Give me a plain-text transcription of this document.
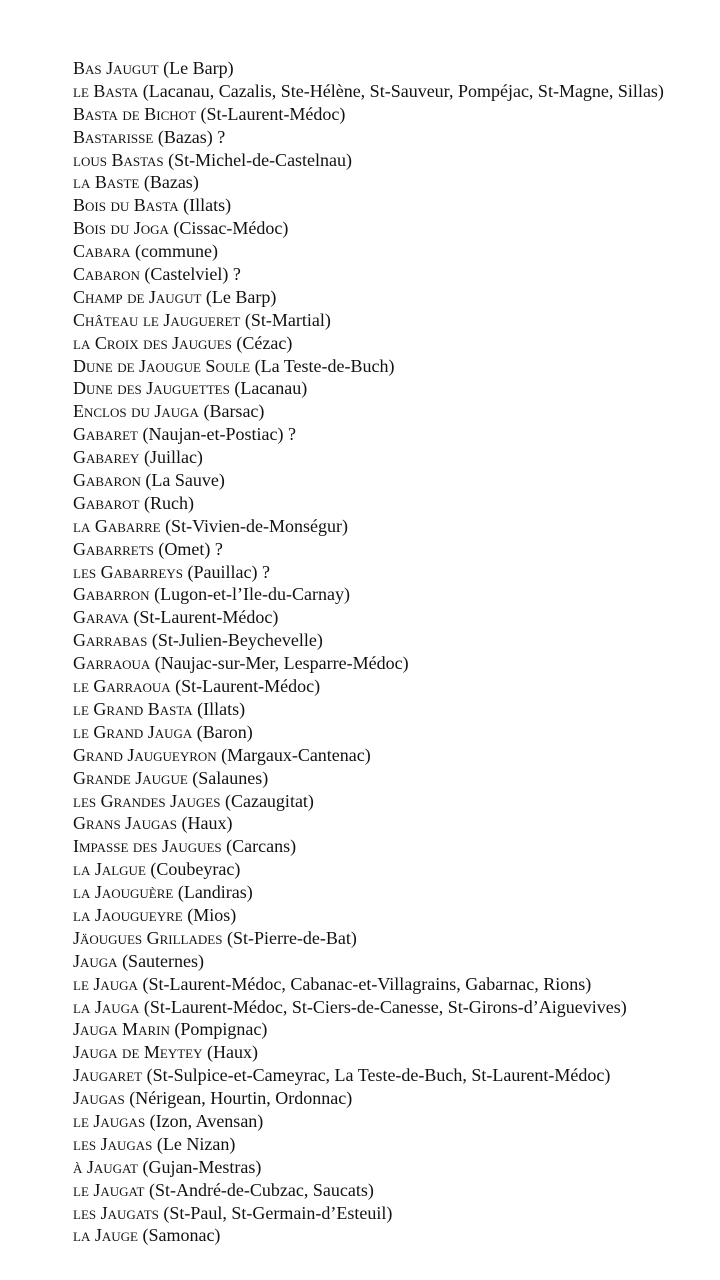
Bas Jaugut (Le Barp)
le Basta (Lacanau, Cazalis, Ste-Hélène, St-Sauveur, Pompéjac, St-Magne, Sillas)
Basta de Bichot (St-Laurent-Médoc)
Bastarisse (Bazas) ?
lous Bastas (St-Michel-de-Castelnau)
la Baste (Bazas)
Bois du Basta (Illats)
Bois du Joga (Cissac-Médoc)
Cabara (commune)
Cabaron (Castelviel) ?
Champ de Jaugut (Le Barp)
Château le Jaugueret (St-Martial)
la Croix des Jaugues (Cézac)
Dune de Jaougue Soule (La Teste-de-Buch)
Dune des Jauguettes (Lacanau)
Enclos du Jauga (Barsac)
Gabaret (Naujan-et-Postiac) ?
Gabarey (Juillac)
Gabaron (La Sauve)
Gabarot (Ruch)
la Gabarre (St-Vivien-de-Monségur)
Gabarrets (Omet) ?
les Gabarreys (Pauillac) ?
Gabarron (Lugon-et-l’Ile-du-Carnay)
Garava (St-Laurent-Médoc)
Garrabas (St-Julien-Beychevelle)
Garraoua (Naujac-sur-Mer, Lesparre-Médoc)
le Garraoua (St-Laurent-Médoc)
le Grand Basta (Illats)
le Grand Jauga (Baron)
Grand Jaugueyron (Margaux-Cantenac)
Grande Jaugue (Salaunes)
les Grandes Jauges (Cazaugitat)
Grans Jaugas (Haux)
Impasse des Jaugues (Carcans)
la Jalgue (Coubeyrac)
la Jaouguère (Landiras)
la Jaougueyre (Mios)
Jäougues Grillades (St-Pierre-de-Bat)
Jauga (Sauternes)
le Jauga (St-Laurent-Médoc, Cabanac-et-Villagrains, Gabarnac, Rions)
la Jauga (St-Laurent-Médoc, St-Ciers-de-Canesse, St-Girons-d’Aiguevives)
Jauga Marin (Pompignac)
Jauga de Meytey (Haux)
Jaugaret (St-Sulpice-et-Cameyrac, La Teste-de-Buch, St-Laurent-Médoc)
Jaugas (Nérigean, Hourtin, Ordonnac)
le Jaugas (Izon, Avensan)
les Jaugas (Le Nizan)
à Jaugat (Gujan-Mestras)
le Jaugat (St-André-de-Cubzac, Saucats)
les Jaugats (St-Paul, St-Germain-d’Esteuil)
la Jauge (Samonac)
